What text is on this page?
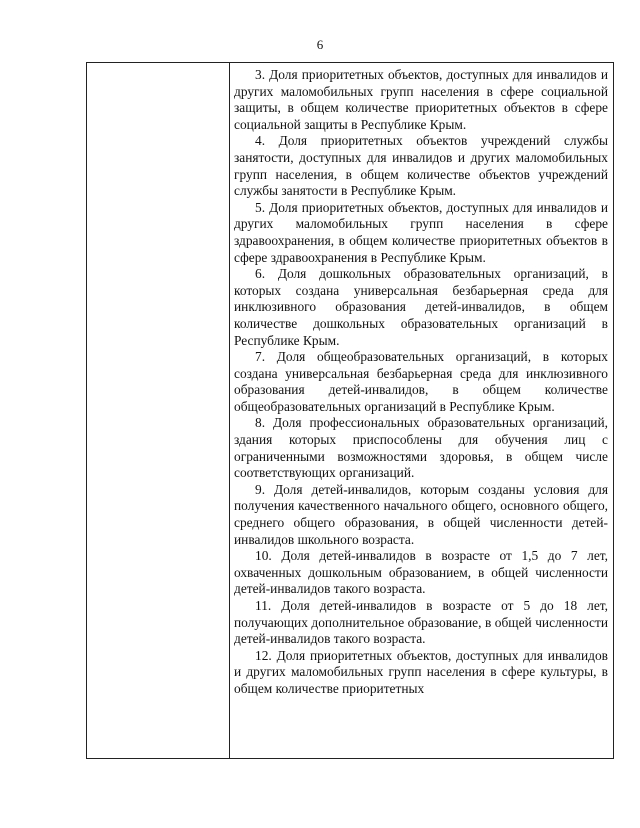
6

3. Доля приоритетных объектов, доступных для инвалидов и других маломобильных групп населения в сфере социальной защиты, в общем количестве приоритетных объектов в сфере социальной защиты в Республике Крым.

4. Доля приоритетных объектов учреждений службы занятости, доступных для инвалидов и других маломобильных групп населения, в общем количестве объектов учреждений службы занятости в Республике Крым.

5. Доля приоритетных объектов, доступных для инвалидов и других маломобильных групп населения в сфере здравоохранения, в общем количестве приоритетных объектов в сфере здравоохранения в Республике Крым.

6. Доля дошкольных образовательных организаций, в которых создана универсальная безбарьерная среда для инклюзивного образования детей-инвалидов, в общем количестве дошкольных образовательных организаций в Республике Крым.

7. Доля общеобразовательных организаций, в которых создана универсальная безбарьерная среда для инклюзивного образования детей-инвалидов, в общем количестве общеобразовательных организаций в Республике Крым.

8. Доля профессиональных образовательных организаций, здания которых приспособлены для обучения лиц с ограниченными возможностями здоровья, в общем числе соответствующих организаций.

9. Доля детей-инвалидов, которым созданы условия для получения качественного начального общего, основного общего, среднего общего образования, в общей численности детей-инвалидов школьного возраста.

10. Доля детей-инвалидов в возрасте от 1,5 до 7 лет, охваченных дошкольным образованием, в общей численности детей-инвалидов такого возраста.

11. Доля детей-инвалидов в возрасте от 5 до 18 лет, получающих дополнительное образование, в общей численности детей-инвалидов такого возраста.

12. Доля приоритетных объектов, доступных для инвалидов и других маломобильных групп населения в сфере культуры, в общем количестве приоритетных
